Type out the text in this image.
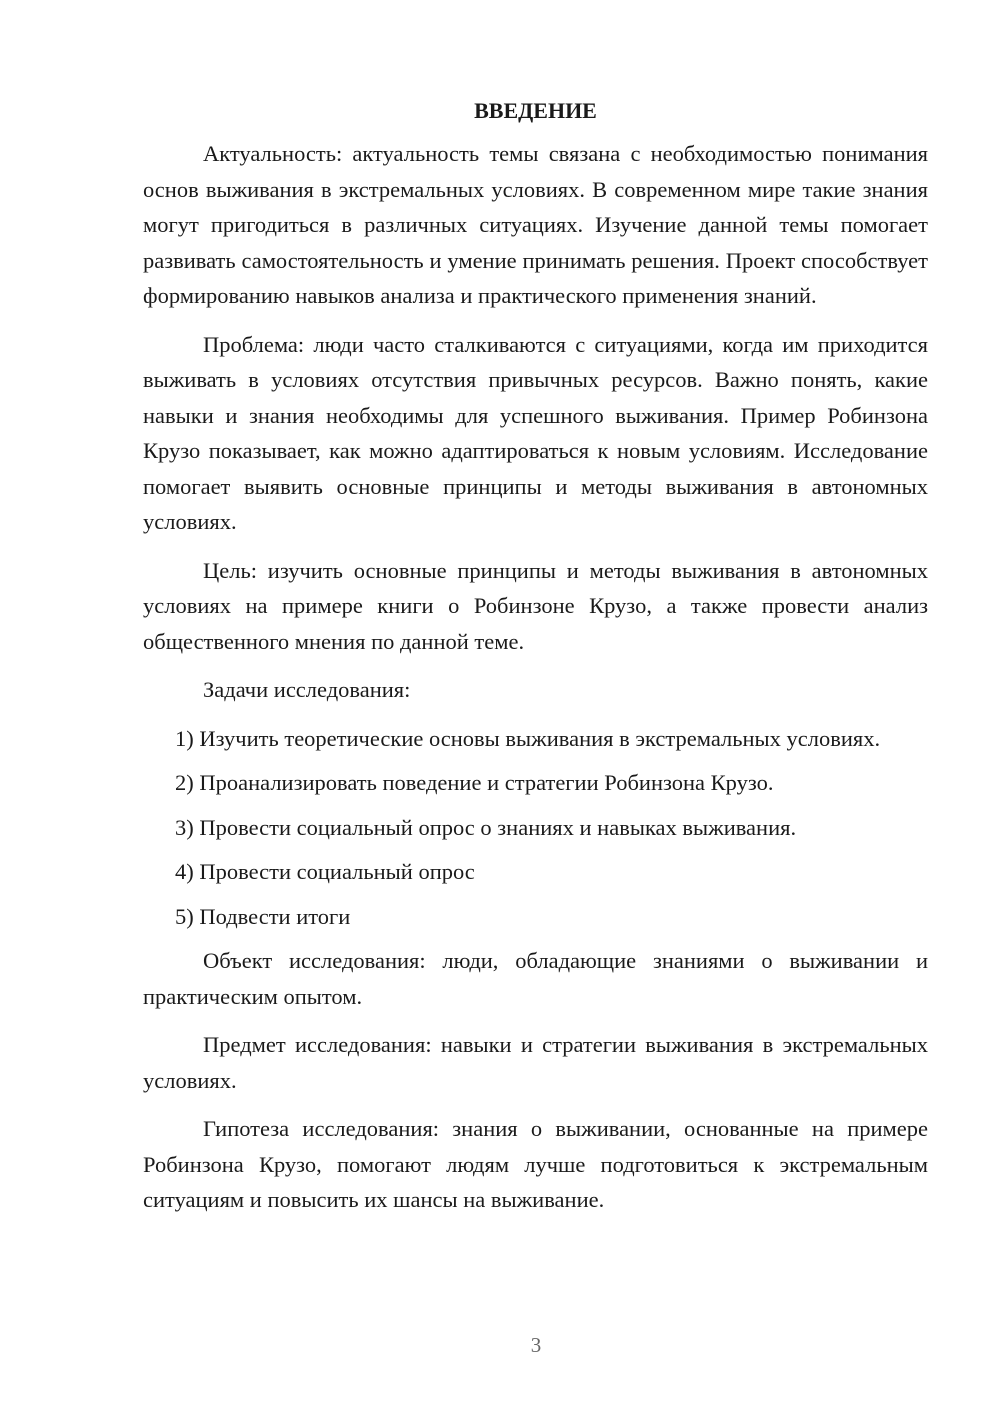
ВВЕДЕНИЕ

Актуальность: актуальность темы связана с необходимостью понимания основ выживания в экстремальных условиях. В современном мире такие знания могут пригодиться в различных ситуациях. Изучение данной темы помогает развивать самостоятельность и умение принимать решения. Проект способствует формированию навыков анализа и практического применения знаний.

Проблема: люди часто сталкиваются с ситуациями, когда им приходится выживать в условиях отсутствия привычных ресурсов. Важно понять, какие навыки и знания необходимы для успешного выживания. Пример Робинзона Крузо показывает, как можно адаптироваться к новым условиям. Исследование помогает выявить основные принципы и методы выживания в автономных условиях.

Цель: изучить основные принципы и методы выживания в автономных условиях на примере книги о Робинзоне Крузо, а также провести анализ общественного мнения по данной теме.

Задачи исследования:

1) Изучить теоретические основы выживания в экстремальных условиях.

2) Проанализировать поведение и стратегии Робинзона Крузо.

3) Провести социальный опрос о знаниях и навыках выживания.

4) Провести социальный опрос

5) Подвести итоги

Объект исследования: люди, обладающие знаниями о выживании и практическим опытом.

Предмет исследования: навыки и стратегии выживания в экстремальных условиях.

Гипотеза исследования: знания о выживании, основанные на примере Робинзона Крузо, помогают людям лучше подготовиться к экстремальным ситуациям и повысить их шансы на выживание.

3
